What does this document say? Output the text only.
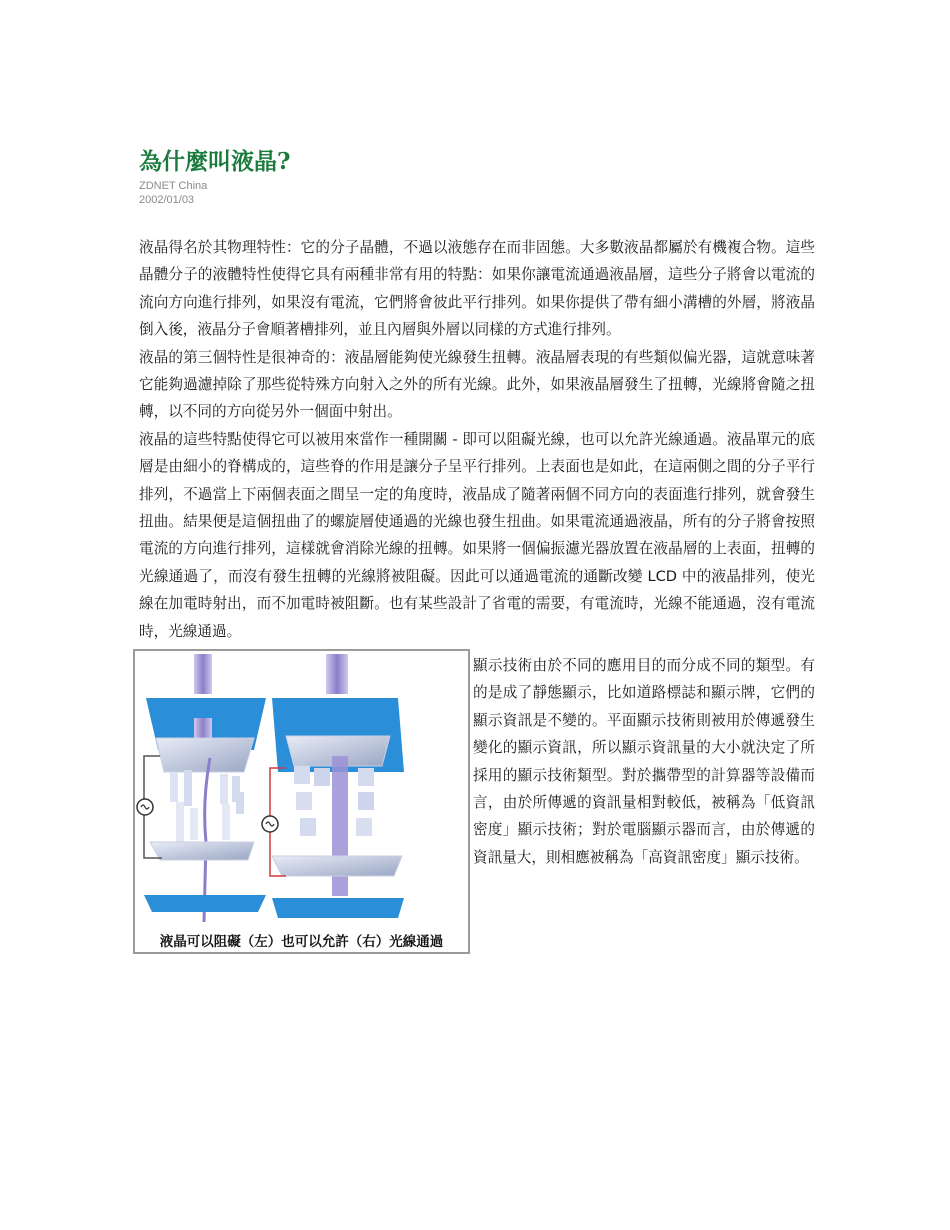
為什麼叫液晶?
ZDNET China
2002/01/03

液晶得名於其物理特性：它的分子晶體，不過以液態存在而非固態。大多數液晶都屬於有機複合物。這些晶體分子的液體特性使得它具有兩種非常有用的特點：如果你讓電流通過液晶層，這些分子將會以電流的流向方向進行排列，如果沒有電流，它們將會彼此平行排列。如果你提供了帶有細小溝槽的外層，將液晶倒入後，液晶分子會順著槽排列，並且內層與外層以同樣的方式進行排列。

液晶的第三個特性是很神奇的：液晶層能夠使光線發生扭轉。液晶層表現的有些類似偏光器，這就意味著它能夠過濾掉除了那些從特殊方向射入之外的所有光線。此外，如果液晶層發生了扭轉，光線將會隨之扭轉，以不同的方向從另外一個面中射出。

液晶的這些特點使得它可以被用來當作一種開關 - 即可以阻礙光線，也可以允許光線通過。液晶單元的底層是由細小的脊構成的，這些脊的作用是讓分子呈平行排列。上表面也是如此，在這兩側之間的分子平行排列，不過當上下兩個表面之間呈一定的角度時，液晶成了隨著兩個不同方向的表面進行排列，就會發生扭曲。結果便是這個扭曲了的螺旋層使通過的光線也發生扭曲。如果電流通過液晶，所有的分子將會按照電流的方向進行排列，這樣就會消除光線的扭轉。如果將一個偏振濾光器放置在液晶層的上表面，扭轉的光線通過了，而沒有發生扭轉的光線將被阻礙。因此可以通過電流的通斷改變 LCD 中的液晶排列，使光線在加電時射出，而不加電時被阻斷。也有某些設計了省電的需要，有電流時，光線不能通過，沒有電流時，光線通過。

液晶可以阻礙（左）也可以允許（右）光線通過

顯示技術由於不同的應用目的而分成不同的類型。有的是成了靜態顯示，比如道路標誌和顯示牌，它們的顯示資訊是不變的。平面顯示技術則被用於傳遞發生變化的顯示資訊，所以顯示資訊量的大小就決定了所採用的顯示技術類型。對於攜帶型的計算器等設備而言，由於所傳遞的資訊量相對較低，被稱為「低資訊密度」顯示技術；對於電腦顯示器而言，由於傳遞的資訊量大，則相應被稱為「高資訊密度」顯示技術。
